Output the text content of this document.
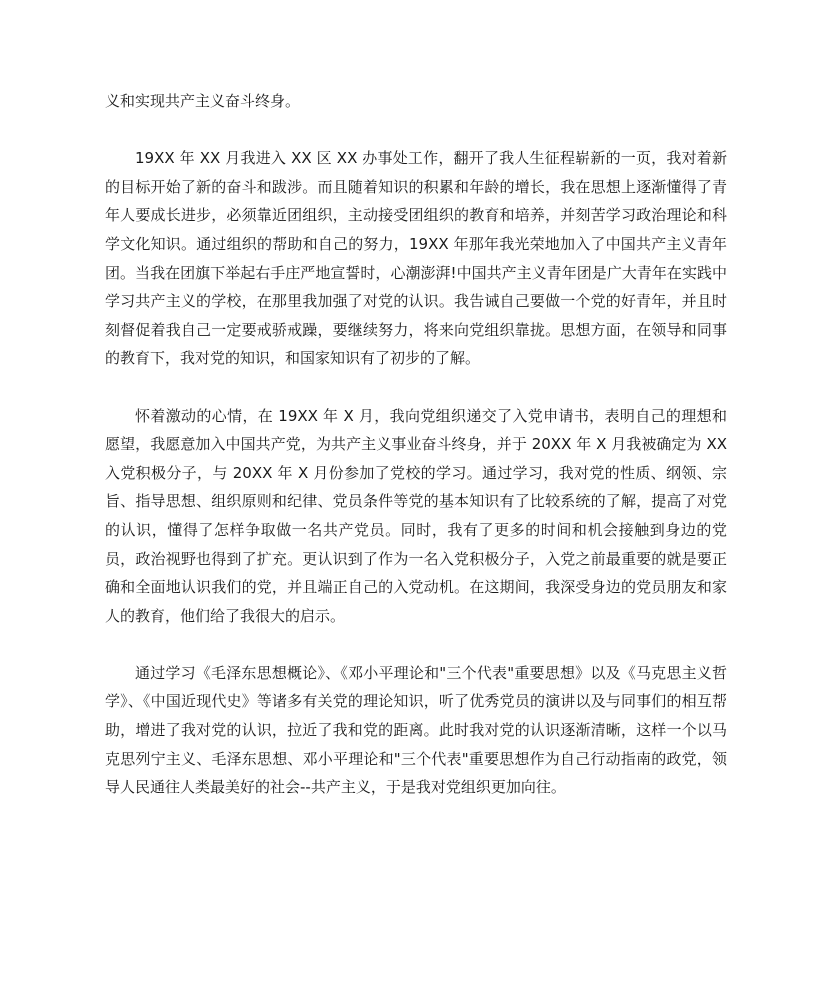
义和实现共产主义奋斗终身。

19XX 年 XX 月我进入 XX 区 XX 办事处工作，翻开了我人生征程崭新的一页，我对着新的目标开始了新的奋斗和跋涉。而且随着知识的积累和年龄的增长，我在思想上逐渐懂得了青年人要成长进步，必须靠近团组织，主动接受团组织的教育和培养，并刻苦学习政治理论和科学文化知识。通过组织的帮助和自己的努力，19XX 年那年我光荣地加入了中国共产主义青年团。当我在团旗下举起右手庄严地宣誓时，心潮澎湃!中国共产主义青年团是广大青年在实践中学习共产主义的学校，在那里我加强了对党的认识。我告诫自己要做一个党的好青年，并且时刻督促着我自己一定要戒骄戒躁，要继续努力，将来向党组织靠拢。思想方面，在领导和同事的教育下，我对党的知识，和国家知识有了初步的了解。

怀着激动的心情，在 19XX 年 X 月，我向党组织递交了入党申请书，表明自己的理想和愿望，我愿意加入中国共产党，为共产主义事业奋斗终身，并于 20XX 年 X 月我被确定为 XX 入党积极分子，与 20XX 年 X 月份参加了党校的学习。通过学习，我对党的性质、纲领、宗旨、指导思想、组织原则和纪律、党员条件等党的基本知识有了比较系统的了解，提高了对党的认识，懂得了怎样争取做一名共产党员。同时，我有了更多的时间和机会接触到身边的党员，政治视野也得到了扩充。更认识到了作为一名入党积极分子，入党之前最重要的就是要正确和全面地认识我们的党，并且端正自己的入党动机。在这期间，我深受身边的党员朋友和家人的教育，他们给了我很大的启示。

通过学习《毛泽东思想概论》、《邓小平理论和"三个代表"重要思想》以及《马克思主义哲学》、《中国近现代史》等诸多有关党的理论知识，听了优秀党员的演讲以及与同事们的相互帮助，增进了我对党的认识，拉近了我和党的距离。此时我对党的认识逐渐清晰，这样一个以马克思列宁主义、毛泽东思想、邓小平理论和"三个代表"重要思想作为自己行动指南的政党，领导人民通往人类最美好的社会--共产主义，于是我对党组织更加向往。
